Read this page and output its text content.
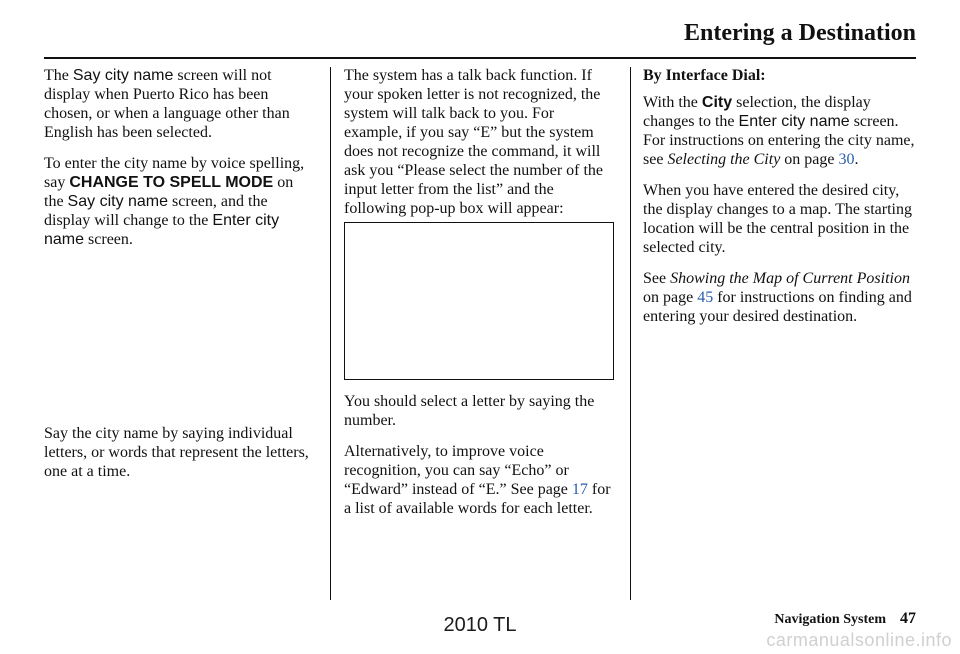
Entering a Destination

The Say city name screen will not display when Puerto Rico has been chosen, or when a language other than English has been selected.

To enter the city name by voice spelling, say CHANGE TO SPELL MODE on the Say city name screen, and the display will change to the Enter city name screen.

Say the city name by saying individual letters, or words that represent the letters, one at a time.

The system has a talk back function. If your spoken letter is not recognized, the system will talk back to you. For example, if you say “E” but the system does not recognize the command, it will ask you “Please select the number of the input letter from the list” and the following pop-up box will appear:

You should select a letter by saying the number.

Alternatively, to improve voice recognition, you can say “Echo” or “Edward” instead of “E.” See page 17 for a list of available words for each letter.

By Interface Dial:

With the City selection, the display changes to the Enter city name screen. For instructions on entering the city name, see Selecting the City on page 30.

When you have entered the desired city, the display changes to a map. The starting location will be the central position in the selected city.

See Showing the Map of Current Position on page 45 for instructions on finding and entering your desired destination.

Navigation System 47
2010 TL
carmanualsonline.info
